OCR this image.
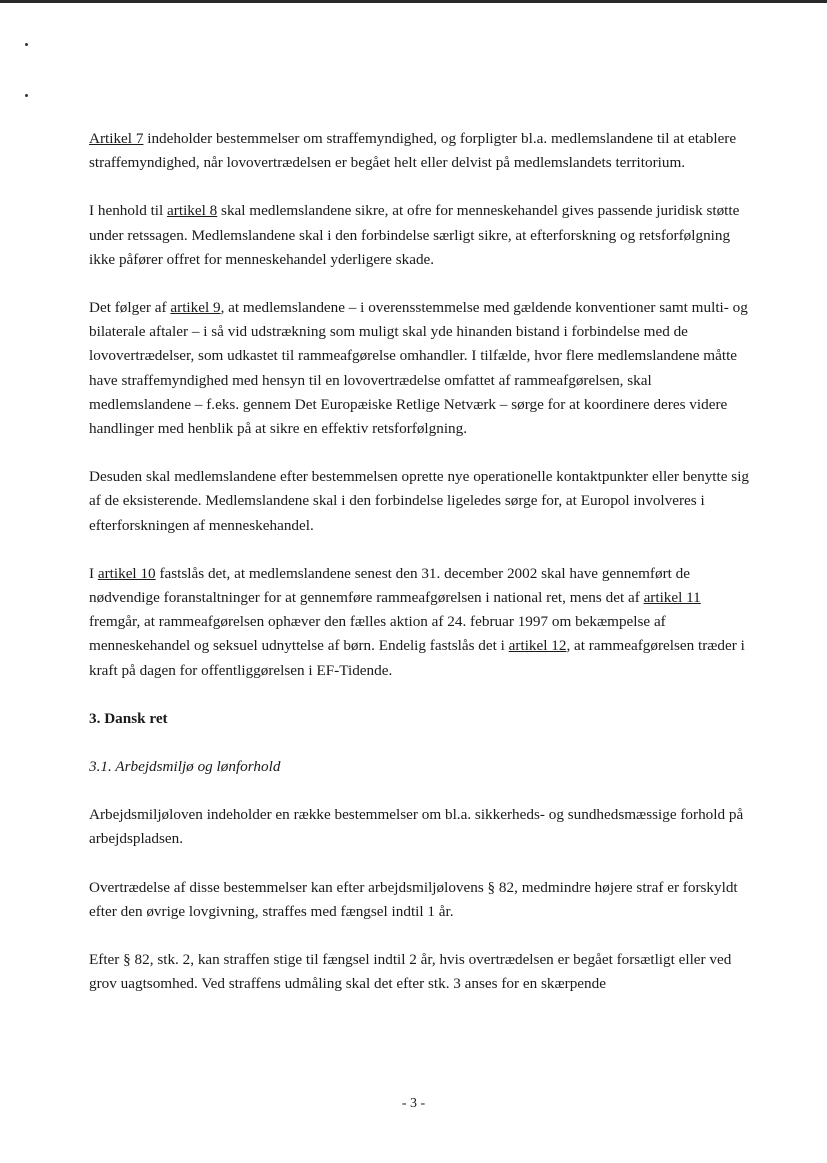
Artikel 7 indeholder bestemmelser om straffemyndighed, og forpligter bl.a. medlemslandene til at etablere straffemyndighed, når lovovertrædelsen er begået helt eller delvist på medlemslandets territorium.

I henhold til artikel 8 skal medlemslandene sikre, at ofre for menneskehandel gives passende juridisk støtte under retssagen. Medlemslandene skal i den forbindelse særligt sikre, at efterforskning og retsforfølgning ikke påfører offret for menneskehandel yderligere skade.

Det følger af artikel 9, at medlemslandene – i overensstemmelse med gældende konventioner samt multi- og bilaterale aftaler – i så vid udstrækning som muligt skal yde hinanden bistand i forbindelse med de lovovertrædelser, som udkastet til rammeafgørelse omhandler. I tilfælde, hvor flere medlemslandene måtte have straffemyndighed med hensyn til en lovovertrædelse omfattet af rammeafgørelsen, skal medlemslandene – f.eks. gennem Det Europæiske Retlige Netværk – sørge for at koordinere deres videre handlinger med henblik på at sikre en effektiv retsforfølgning.

Desuden skal medlemslandene efter bestemmelsen oprette nye operationelle kontaktpunkter eller benytte sig af de eksisterende. Medlemslandene skal i den forbindelse ligeledes sørge for, at Europol involveres i efterforskningen af menneskehandel.

I artikel 10 fastslås det, at medlemslandene senest den 31. december 2002 skal have gennemført de nødvendige foranstaltninger for at gennemføre rammeafgørelsen i national ret, mens det af artikel 11 fremgår, at rammeafgørelsen ophæver den fælles aktion af 24. februar 1997 om bekæmpelse af menneskehandel og seksuel udnyttelse af børn. Endelig fastslås det i artikel 12, at rammeafgørelsen træder i kraft på dagen for offentliggørelsen i EF-Tidende.

3. Dansk ret
3.1. Arbejdsmiljø og lønforhold

Arbejdsmiljøloven indeholder en række bestemmelser om bl.a. sikkerheds- og sundhedsmæssige forhold på arbejdspladsen.

Overtrædelse af disse bestemmelser kan efter arbejdsmiljølovens § 82, medmindre højere straf er forskyldt efter den øvrige lovgivning, straffes med fængsel indtil 1 år.

Efter § 82, stk. 2, kan straffen stige til fængsel indtil 2 år, hvis overtrædelsen er begået forsætligt eller ved grov uagtsomhed. Ved straffens udmåling skal det efter stk. 3 anses for en skærpende

- 3 -
